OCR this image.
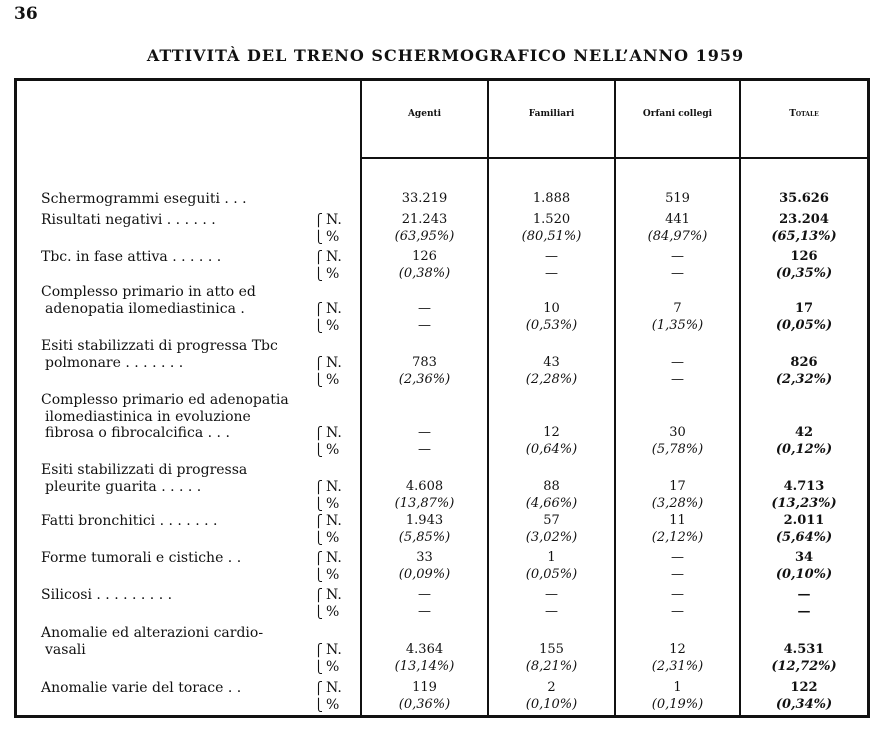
36
ATTIVITÀ DEL TRENO SCHERMOGRAFICO NELL’ANNO 1959
Agenti	Familiari	Orfani collegi	Totale
Schermogrammi eseguiti . . .	33.219	1.888	519	35.626
Risultati negativi . . . . . .	⎧ N.	21.243	1.520	441	23.204
⎩ %	(63,95%)	(80,51%)	(84,97%)	(65,13%)
Tbc. in fase attiva . . . . . .	⎧ N.	126	—	—	126
⎩ %	(0,38%)	—	—	(0,35%)
Complesso primario in atto ed
adenopatia ilomediastinica .	⎧ N.	—	10	7	17
⎩ %	—	(0,53%)	(1,35%)	(0,05%)
Esiti stabilizzati di progressa Tbc
polmonare . . . . . . .	⎧ N.	783	43	—	826
⎩ %	(2,36%)	(2,28%)	—	(2,32%)
Complesso primario ed adenopatia
ilomediastinica in evoluzione
fibrosa o fibrocalcifica . . .	⎧ N.	—	12	30	42
⎩ %	—	(0,64%)	(5,78%)	(0,12%)
Esiti stabilizzati di progressa
pleurite guarita . . . . .	⎧ N.	4.608	88	17	4.713
⎩ %	(13,87%)	(4,66%)	(3,28%)	(13,23%)
Fatti bronchitici . . . . . . .	⎧ N.	1.943	57	11	2.011
⎩ %	(5,85%)	(3,02%)	(2,12%)	(5,64%)
Forme tumorali e cistiche . .	⎧ N.	33	1	—	34
⎩ %	(0,09%)	(0,05%)	—	(0,10%)
Silicosi . . . . . . . . .	⎧ N.	—	—	—	—
⎩ %	—	—	—	—
Anomalie ed alterazioni cardio-
vasali	⎧ N.	4.364	155	12	4.531
⎩ %	(13,14%)	(8,21%)	(2,31%)	(12,72%)
Anomalie varie del torace . .	⎧ N.	119	2	1	122
⎩ %	(0,36%)	(0,10%)	(0,19%)	(0,34%)
